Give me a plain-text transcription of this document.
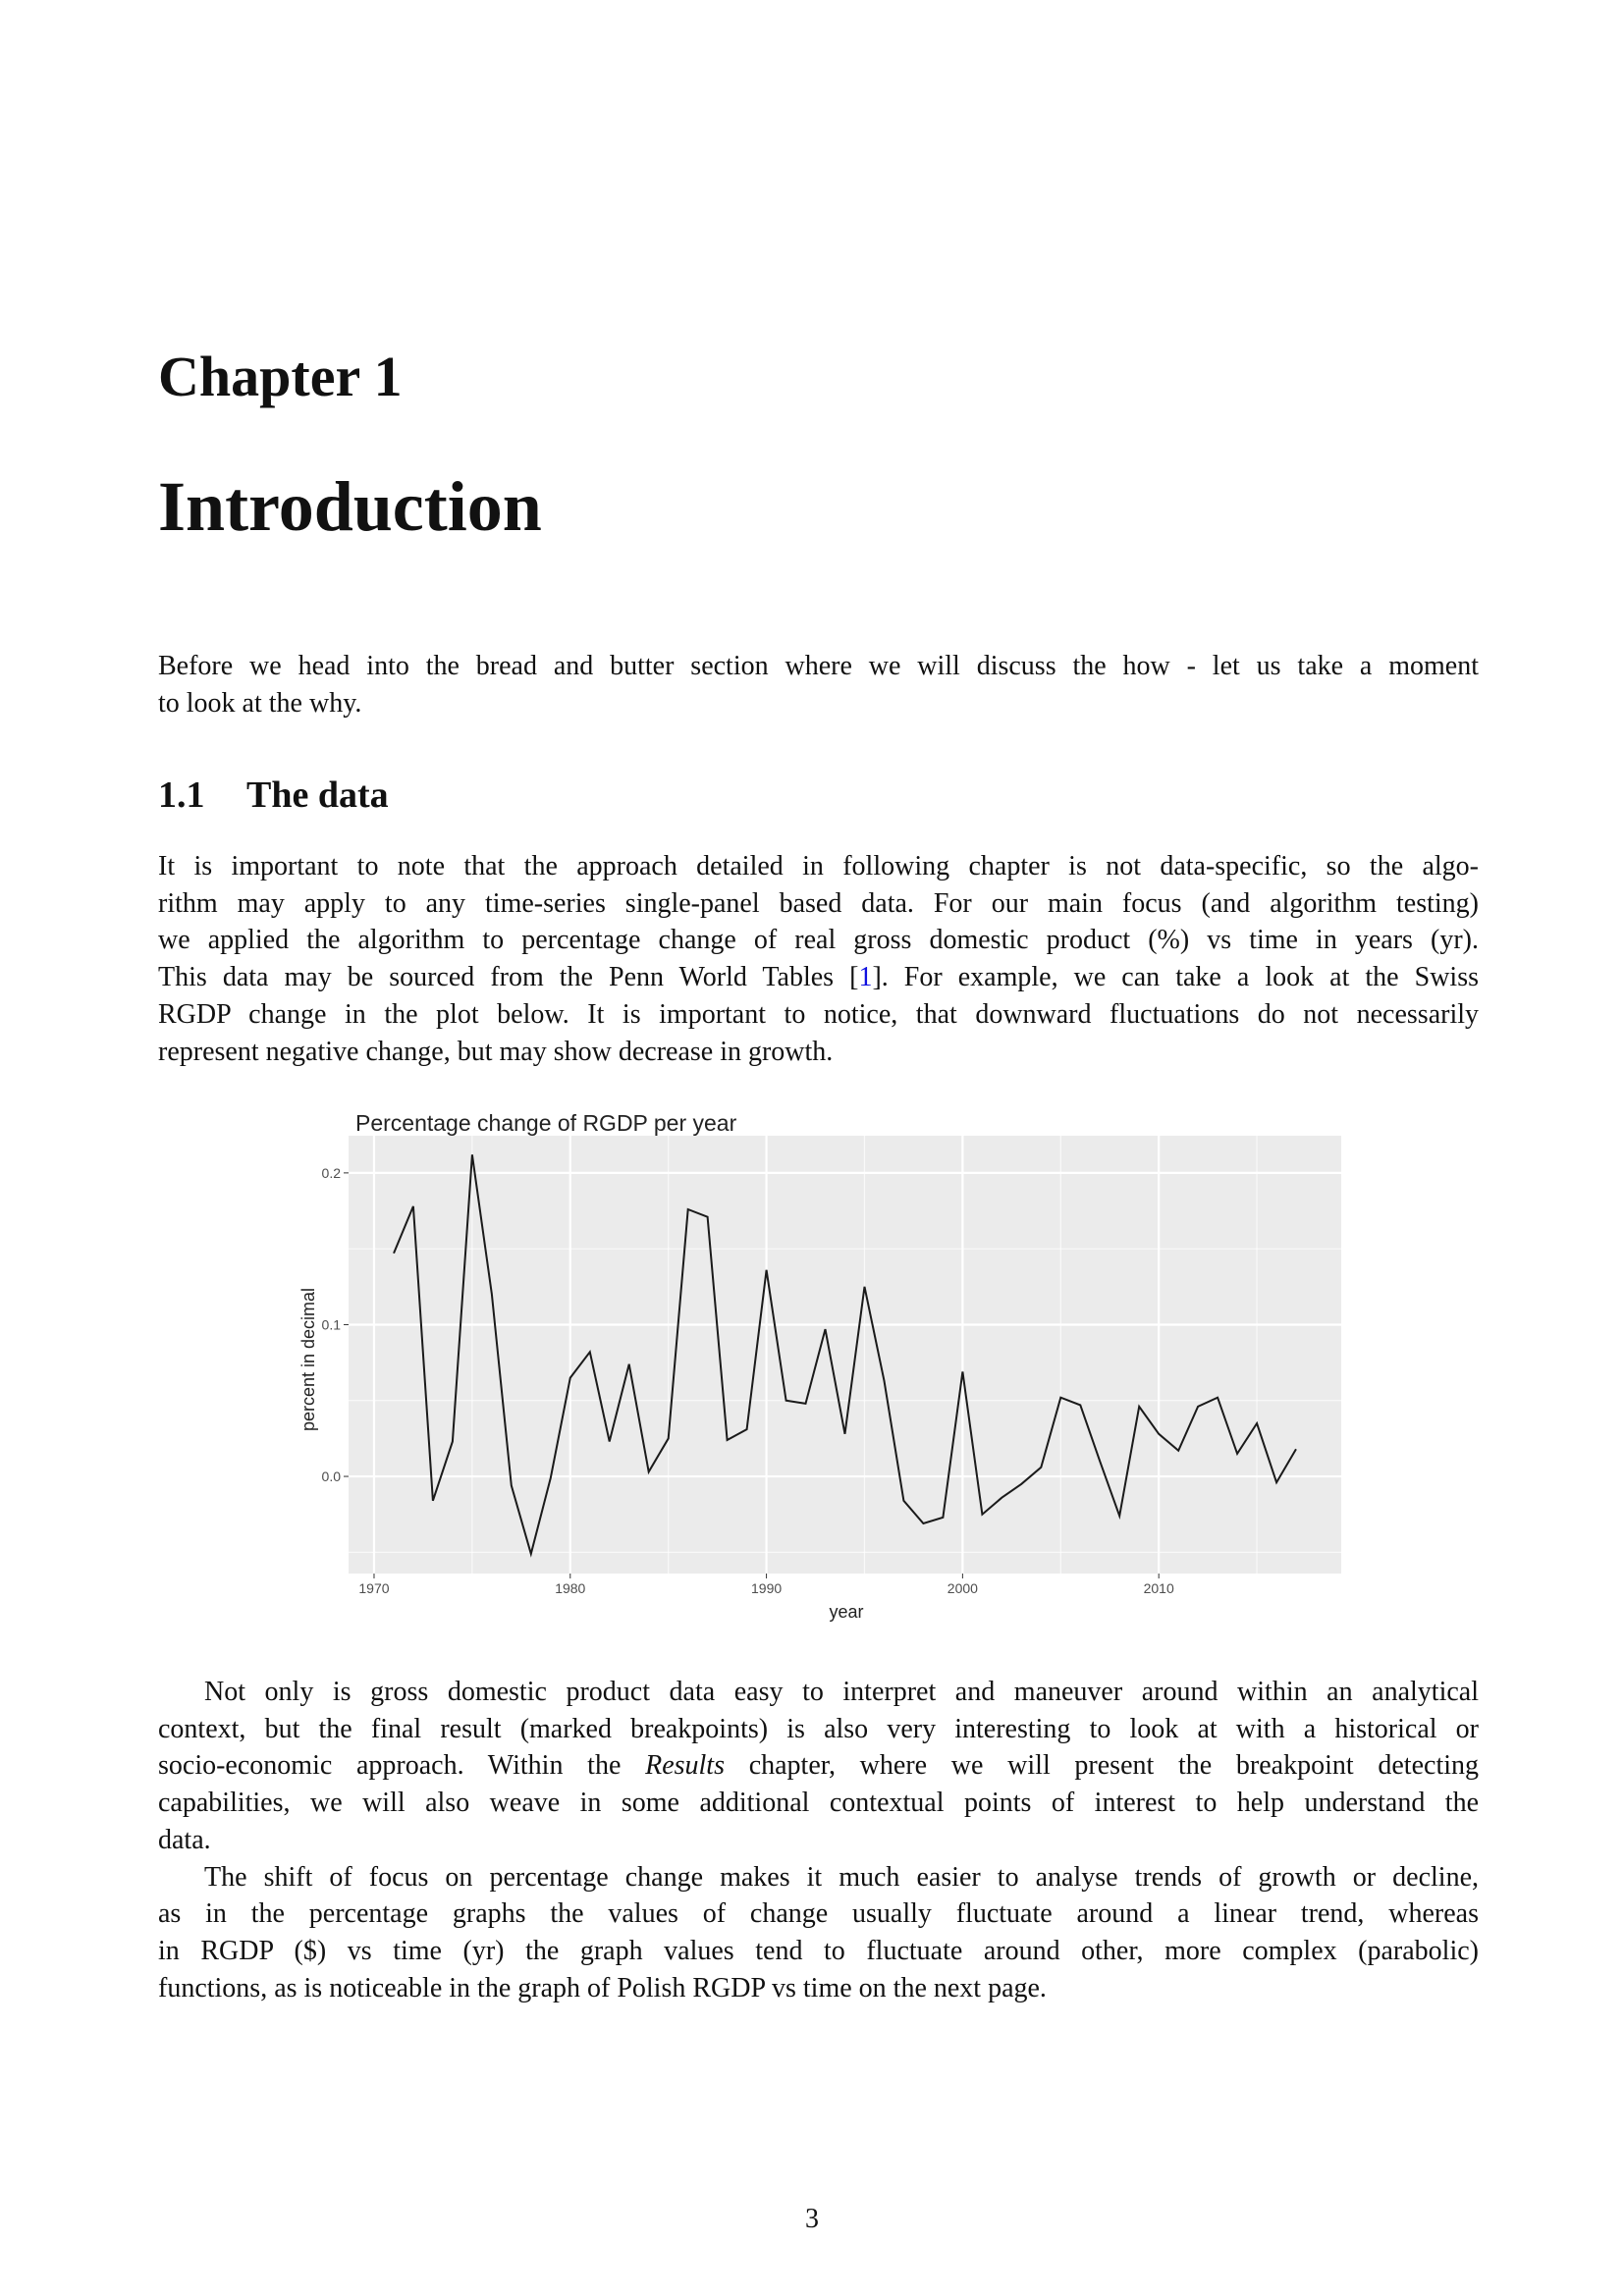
Chapter 1
Introduction
Before we head into the bread and butter section where we will discuss the how - let us take a moment
to look at the why.
1.1 The data
It is important to note that the approach detailed in following chapter is not data-specific, so the algo-
rithm may apply to any time-series single-panel based data. For our main focus (and algorithm testing)
we applied the algorithm to percentage change of real gross domestic product (%) vs time in years (yr).
This data may be sourced from the Penn World Tables [1]. For example, we can take a look at the Swiss
RGDP change in the plot below. It is important to notice, that downward fluctuations do not necessarily
represent negative change, but may show decrease in growth.
Percentage change of RGDP per year
1970	1980	1990	2000	2010
0.0
0.1
0.2
year
percent in decimal
Not only is gross domestic product data easy to interpret and maneuver around within an analytical
context, but the final result (marked breakpoints) is also very interesting to look at with a historical or
socio-economic approach. Within the Results chapter, where we will present the breakpoint detecting
capabilities, we will also weave in some additional contextual points of interest to help understand the
data.
The shift of focus on percentage change makes it much easier to analyse trends of growth or decline,
as in the percentage graphs the values of change usually fluctuate around a linear trend, whereas
in RGDP ($) vs time (yr) the graph values tend to fluctuate around other, more complex (parabolic)
functions, as is noticeable in the graph of Polish RGDP vs time on the next page.
3
